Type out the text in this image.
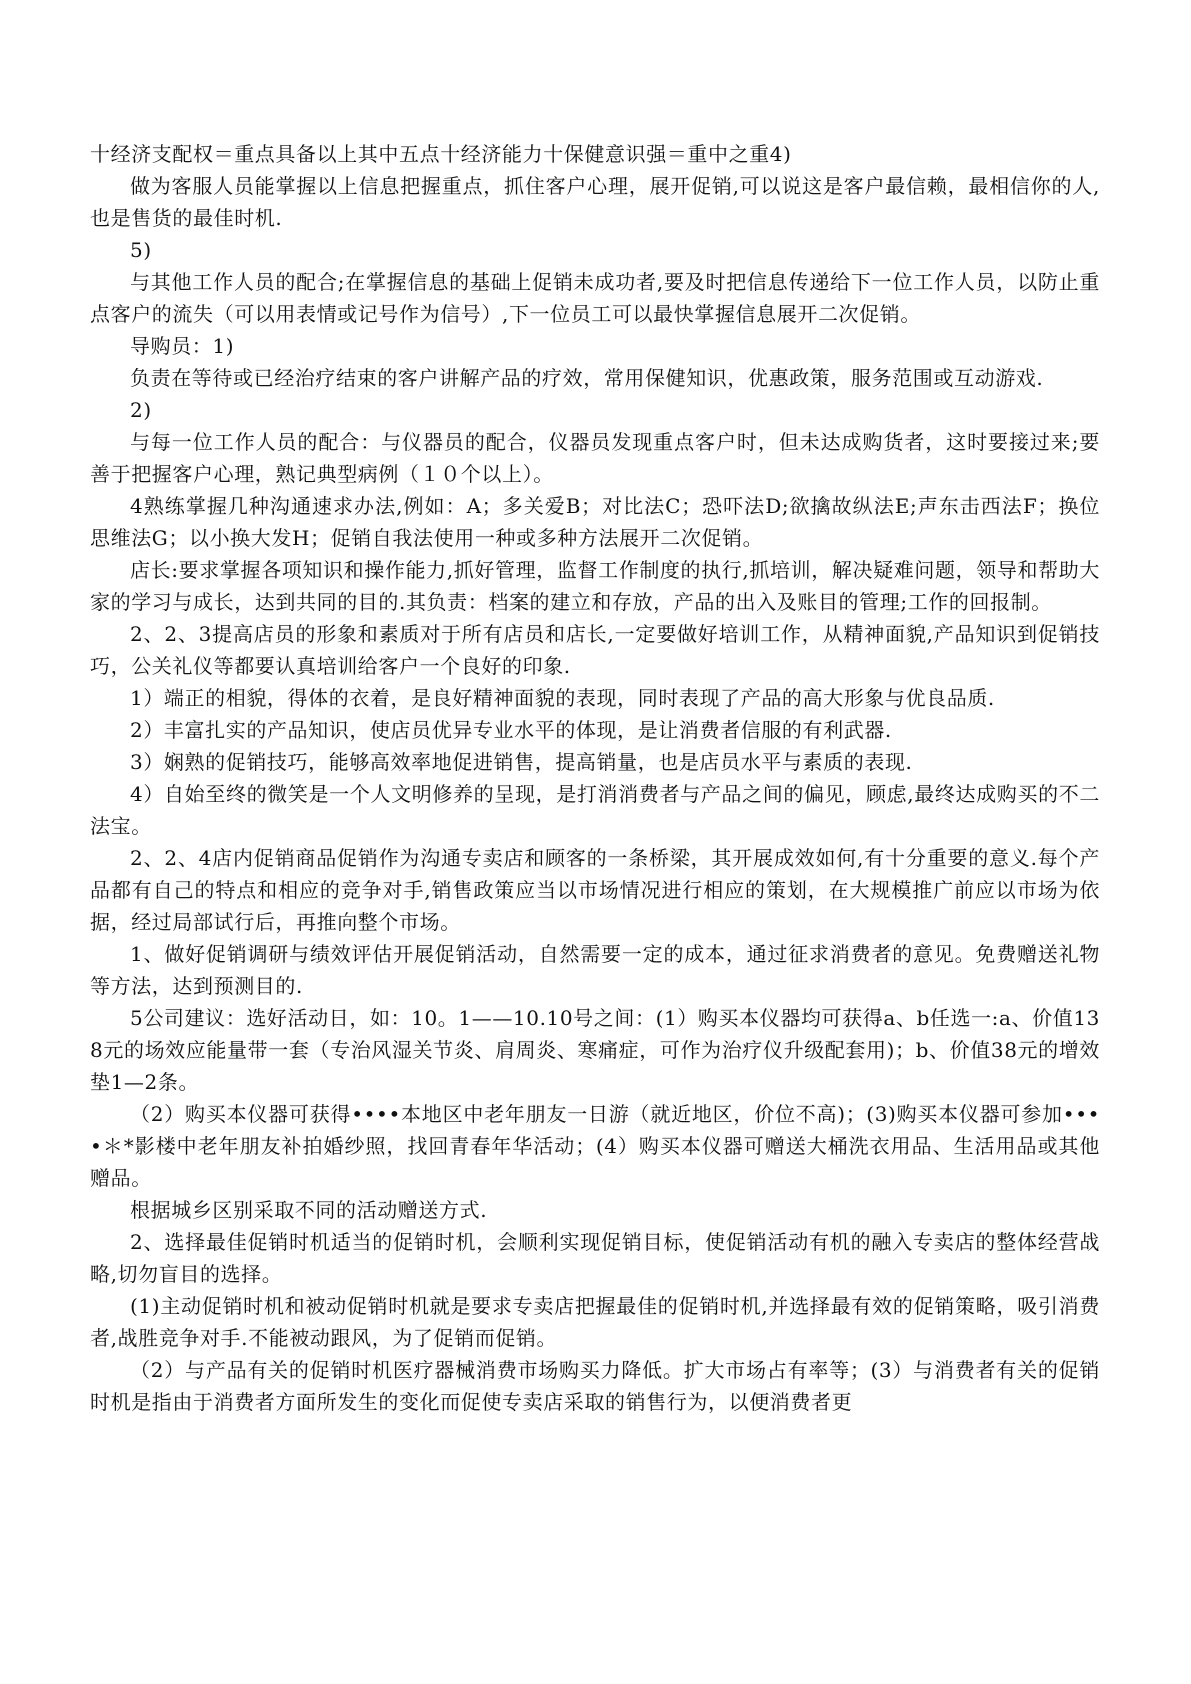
十经济支配权＝重点具备以上其中五点十经济能力十保健意识强＝重中之重4)

做为客服人员能掌握以上信息把握重点，抓住客户心理，展开促销,可以说这是客户最信赖，最相信你的人,也是售货的最佳时机.

5)

与其他工作人员的配合;在掌握信息的基础上促销未成功者,要及时把信息传递给下一位工作人员，以防止重点客户的流失（可以用表情或记号作为信号）,下一位员工可以最快掌握信息展开二次促销。

导购员：1)

负责在等待或已经治疗结束的客户讲解产品的疗效，常用保健知识，优惠政策，服务范围或互动游戏.

2)

与每一位工作人员的配合：与仪器员的配合，仪器员发现重点客户时，但未达成购货者，这时要接过来;要善于把握客户心理，熟记典型病例（１０个以上）。

4熟练掌握几种沟通速求办法,例如：A；多关爱B；对比法C；恐吓法D;欲擒故纵法E;声东击西法F；换位思维法G；以小换大发H；促销自我法使用一种或多种方法展开二次促销。

店长:要求掌握各项知识和操作能力,抓好管理，监督工作制度的执行,抓培训，解决疑难问题，领导和帮助大家的学习与成长，达到共同的目的.其负责：档案的建立和存放，产品的出入及账目的管理;工作的回报制。

2、2、3提高店员的形象和素质对于所有店员和店长,一定要做好培训工作，从精神面貌,产品知识到促销技巧，公关礼仪等都要认真培训给客户一个良好的印象.

1）端正的相貌，得体的衣着，是良好精神面貌的表现，同时表现了产品的高大形象与优良品质.

2）丰富扎实的产品知识，使店员优异专业水平的体现，是让消费者信服的有利武器.

3）娴熟的促销技巧，能够高效率地促进销售，提高销量，也是店员水平与素质的表现.

4）自始至终的微笑是一个人文明修养的呈现，是打消消费者与产品之间的偏见，顾虑,最终达成购买的不二法宝。

2、2、4店内促销商品促销作为沟通专卖店和顾客的一条桥梁，其开展成效如何,有十分重要的意义.每个产品都有自己的特点和相应的竞争对手,销售政策应当以市场情况进行相应的策划，在大规模推广前应以市场为依据，经过局部试行后，再推向整个市场。

1、做好促销调研与绩效评估开展促销活动，自然需要一定的成本，通过征求消费者的意见。免费赠送礼物等方法，达到预测目的.

5公司建议：选好活动日，如：10。1——10.10号之间：(1）购买本仪器均可获得a、b任选一:a、价值138元的场效应能量带一套（专治风湿关节炎、肩周炎、寒痛症，可作为治疗仪升级配套用)；b、价值38元的增效垫1—2条。

（2）购买本仪器可获得••••本地区中老年朋友一日游（就近地区，价位不高)；(3)购买本仪器可参加••••＊*影楼中老年朋友补拍婚纱照，找回青春年华活动；(4）购买本仪器可赠送大桶洗衣用品、生活用品或其他赠品。

根据城乡区别采取不同的活动赠送方式.

2、选择最佳促销时机适当的促销时机，会顺利实现促销目标，使促销活动有机的融入专卖店的整体经营战略,切勿盲目的选择。

(1)主动促销时机和被动促销时机就是要求专卖店把握最佳的促销时机,并选择最有效的促销策略，吸引消费者,战胜竞争对手.不能被动跟风，为了促销而促销。

（2）与产品有关的促销时机医疗器械消费市场购买力降低。扩大市场占有率等；(3）与消费者有关的促销时机是指由于消费者方面所发生的变化而促使专卖店采取的销售行为，以便消费者更
